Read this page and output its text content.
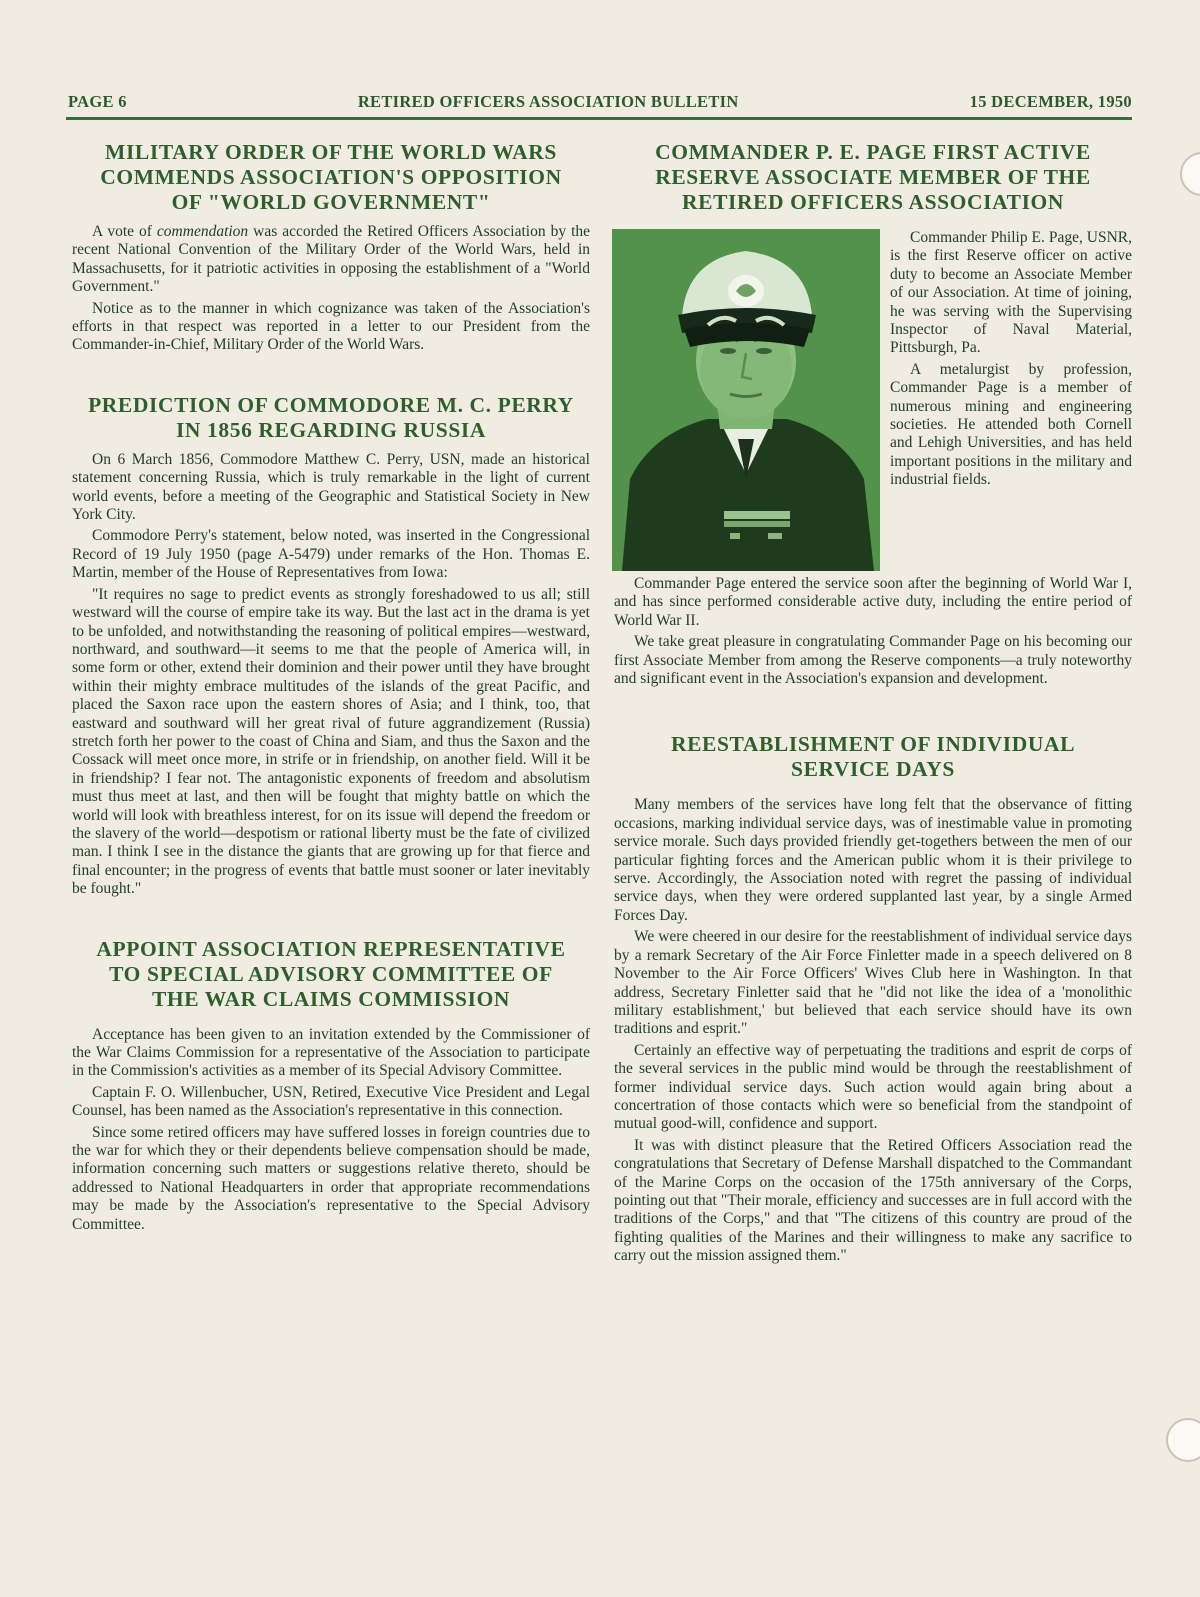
PAGE 6	RETIRED OFFICERS ASSOCIATION BULLETIN	15 DECEMBER, 1950
MILITARY ORDER OF THE WORLD WARS
COMMENDS ASSOCIATION'S OPPOSITION
OF "WORLD GOVERNMENT"

A vote of commendation was accorded the Retired Officers Association by the recent National Convention of the Military Order of the World Wars, held in Massachusetts, for it patriotic activities in opposing the establishment of a "World Government."

Notice as to the manner in which cognizance was taken of the Association's efforts in that respect was reported in a letter to our President from the Commander-in-Chief, Military Order of the World Wars.

PREDICTION OF COMMODORE M. C. PERRY
IN 1856 REGARDING RUSSIA

On 6 March 1856, Commodore Matthew C. Perry, USN, made an historical statement concerning Russia, which is truly remarkable in the light of current world events, before a meeting of the Geographic and Statistical Society in New York City.

Commodore Perry's statement, below noted, was inserted in the Congressional Record of 19 July 1950 (page A-5479) under remarks of the Hon. Thomas E. Martin, member of the House of Representatives from Iowa:

"It requires no sage to predict events as strongly foreshadowed to us all; still westward will the course of empire take its way. But the last act in the drama is yet to be unfolded, and notwithstanding the reasoning of political empires—westward, northward, and southward—it seems to me that the people of America will, in some form or other, extend their dominion and their power until they have brought within their mighty embrace multitudes of the islands of the great Pacific, and placed the Saxon race upon the eastern shores of Asia; and I think, too, that eastward and southward will her great rival of future aggrandizement (Russia) stretch forth her power to the coast of China and Siam, and thus the Saxon and the Cossack will meet once more, in strife or in friendship, on another field. Will it be in friendship? I fear not. The antagonistic exponents of freedom and absolutism must thus meet at last, and then will be fought that mighty battle on which the world will look with breathless interest, for on its issue will depend the freedom or the slavery of the world—despotism or rational liberty must be the fate of civilized man. I think I see in the distance the giants that are growing up for that fierce and final encounter; in the progress of events that battle must sooner or later inevitably be fought."

APPOINT ASSOCIATION REPRESENTATIVE
TO SPECIAL ADVISORY COMMITTEE OF
THE WAR CLAIMS COMMISSION

Acceptance has been given to an invitation extended by the Commissioner of the War Claims Commission for a representative of the Association to participate in the Commission's activities as a member of its Special Advisory Committee.

Captain F. O. Willenbucher, USN, Retired, Executive Vice President and Legal Counsel, has been named as the Association's representative in this connection.

Since some retired officers may have suffered losses in foreign countries due to the war for which they or their dependents believe compensation should be made, information concerning such matters or suggestions relative thereto, should be addressed to National Headquarters in order that appropriate recommendations may be made by the Association's representative to the Special Advisory Committee.

COMMANDER P. E. PAGE FIRST ACTIVE
RESERVE ASSOCIATE MEMBER OF THE
RETIRED OFFICERS ASSOCIATION

Commander Philip E. Page, USNR, is the first Reserve officer on active duty to become an Associate Member of our Association. At time of joining, he was serving with the Supervising Inspector of Naval Material, Pittsburgh, Pa.

A metalurgist by profession, Commander Page is a member of numerous mining and engineering societies. He attended both Cornell and Lehigh Universities, and has held important positions in the military and industrial fields.

Commander Page entered the service soon after the beginning of World War I, and has since performed considerable active duty, including the entire period of World War II.

We take great pleasure in congratulating Commander Page on his becoming our first Associate Member from among the Reserve components—a truly noteworthy and significant event in the Association's expansion and development.

REESTABLISHMENT OF INDIVIDUAL
SERVICE DAYS

Many members of the services have long felt that the observance of fitting occasions, marking individual service days, was of inestimable value in promoting service morale. Such days provided friendly get-togethers between the men of our particular fighting forces and the American public whom it is their privilege to serve. Accordingly, the Association noted with regret the passing of individual service days, when they were ordered supplanted last year, by a single Armed Forces Day.

We were cheered in our desire for the reestablishment of individual service days by a remark Secretary of the Air Force Finletter made in a speech delivered on 8 November to the Air Force Officers' Wives Club here in Washington. In that address, Secretary Finletter said that he "did not like the idea of a 'monolithic military establishment,' but believed that each service should have its own traditions and esprit."

Certainly an effective way of perpetuating the traditions and esprit de corps of the several services in the public mind would be through the reestablishment of former individual service days. Such action would again bring about a concertration of those contacts which were so beneficial from the standpoint of mutual good-will, confidence and support.

It was with distinct pleasure that the Retired Officers Association read the congratulations that Secretary of Defense Marshall dispatched to the Commandant of the Marine Corps on the occasion of the 175th anniversary of the Corps, pointing out that "Their morale, efficiency and successes are in full accord with the traditions of the Corps," and that "The citizens of this country are proud of the fighting qualities of the Marines and their willingness to make any sacrifice to carry out the mission assigned them."
